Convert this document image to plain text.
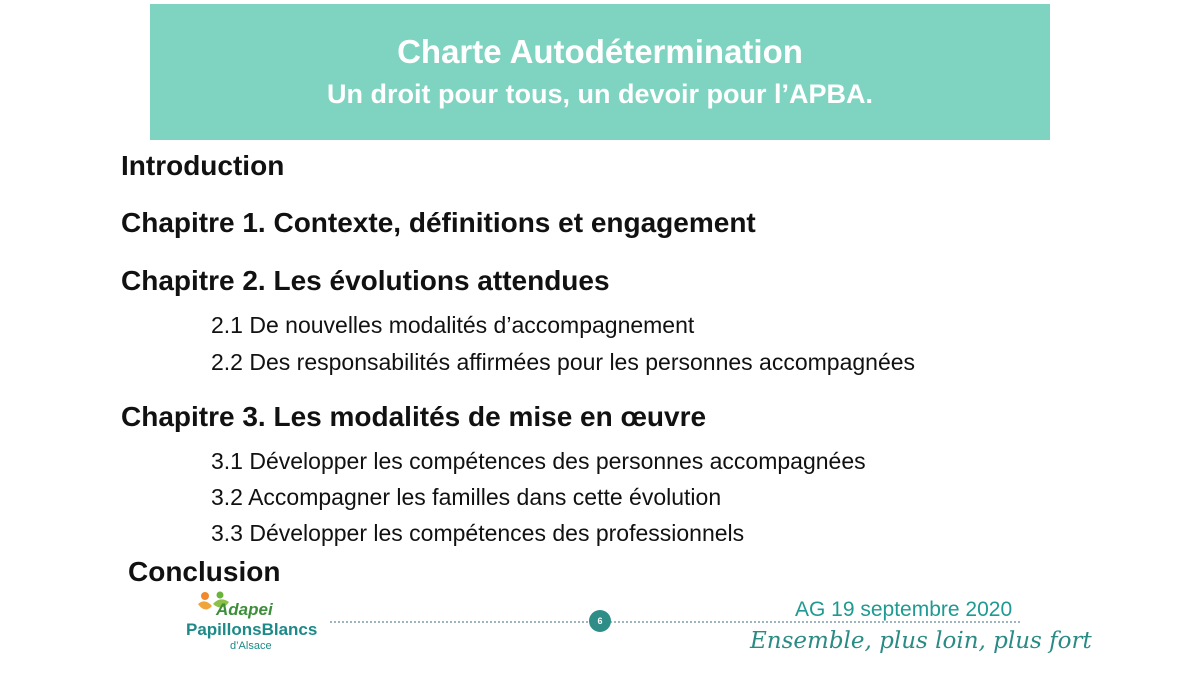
Charte Autodétermination
Un droit pour tous, un devoir pour l’APBA.
Introduction
Chapitre 1. Contexte, définitions et engagement
Chapitre 2. Les évolutions attendues
2.1 De nouvelles modalités d’accompagnement
2.2 Des responsabilités affirmées pour les personnes accompagnées
Chapitre 3. Les modalités de mise en œuvre
3.1 Développer les compétences des personnes accompagnées
3.2 Accompagner les familles dans cette évolution
3.3 Développer les compétences des professionnels
Conclusion
Adapei
PapillonsBlancs
d’Alsace
6	AG 19 septembre 2020
Ensemble, plus loin, plus fort
